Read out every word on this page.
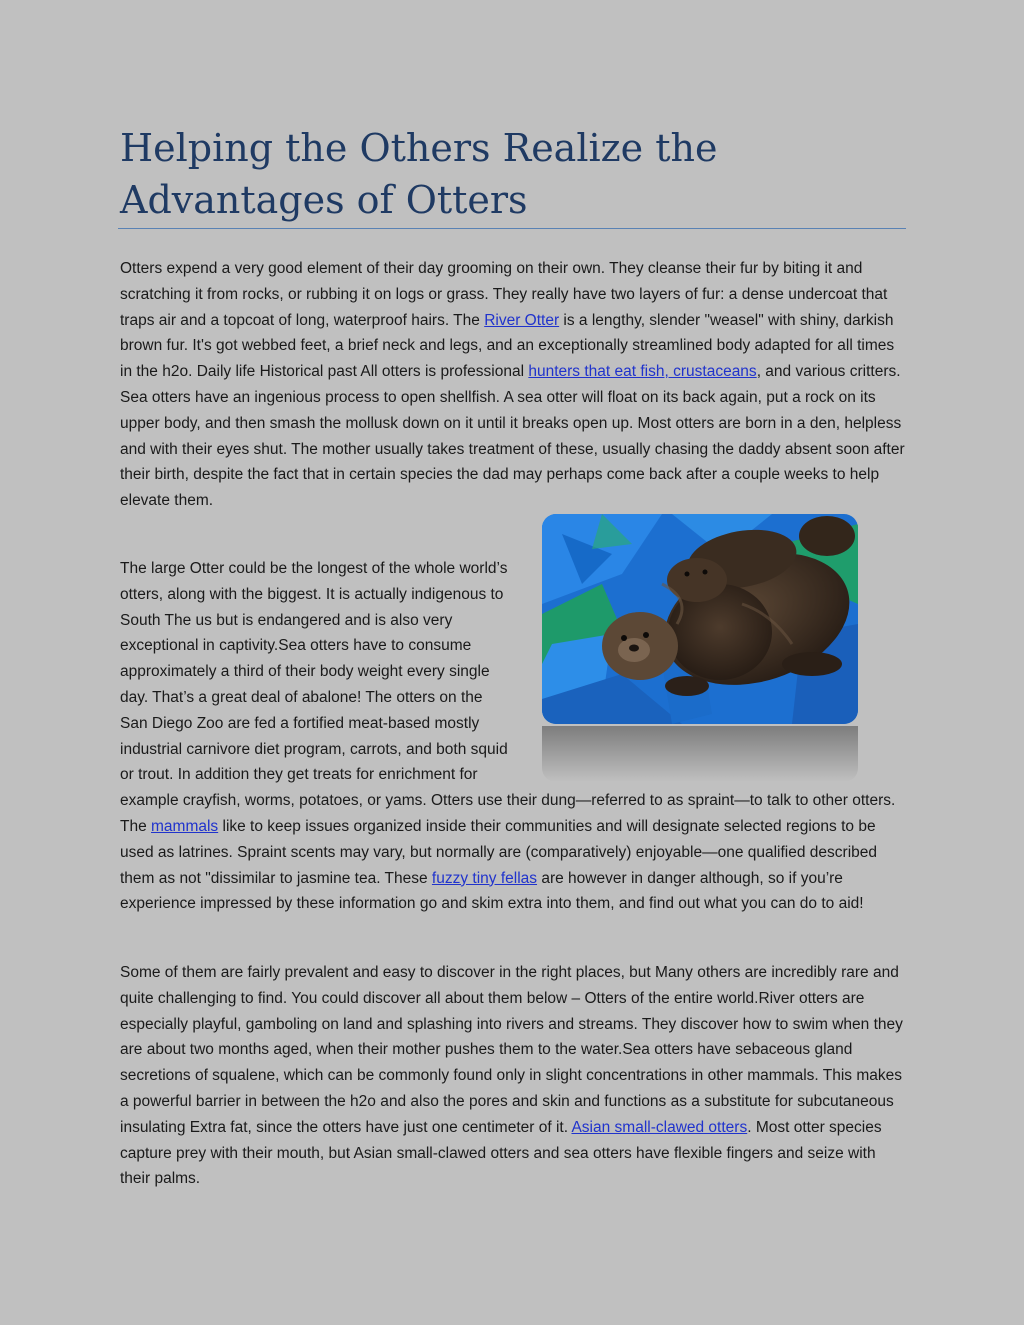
Helping the Others Realize the Advantages of Otters

Otters expend a very good element of their day grooming on their own. They cleanse their fur by biting it and scratching it from rocks, or rubbing it on logs or grass. They really have two layers of fur: a dense undercoat that traps air and a topcoat of long, waterproof hairs. The River Otter is a lengthy, slender "weasel" with shiny, darkish brown fur. It's got webbed feet, a brief neck and legs, and an exceptionally streamlined body adapted for all times in the h2o. Daily life Historical past All otters is professional hunters that eat fish, crustaceans, and various critters. Sea otters have an ingenious process to open shellfish. A sea otter will float on its back again, put a rock on its upper body, and then smash the mollusk down on it until it breaks open up. Most otters are born in a den, helpless and with their eyes shut. The mother usually takes treatment of these, usually chasing the daddy absent soon after their birth, despite the fact that in certain species the dad may perhaps come back after a couple weeks to help elevate them.

The large Otter could be the longest of the whole world’s otters, along with the biggest. It is actually indigenous to South The us but is endangered and is also very exceptional in captivity.Sea otters have to consume approximately a third of their body weight every single day. That’s a great deal of abalone! The otters on the San Diego Zoo are fed a fortified meat-based mostly industrial carnivore diet program, carrots, and both squid or trout. In addition they get treats for enrichment for example crayfish, worms, potatoes, or yams. Otters use their dung—referred to as spraint—to talk to other otters. The mammals like to keep issues organized inside their communities and will designate selected regions to be used as latrines. Spraint scents may vary, but normally are (comparatively) enjoyable—one qualified described them as not "dissimilar to jasmine tea. These fuzzy tiny fellas are however in danger although, so if you’re experience impressed by these information go and skim extra into them, and find out what you can do to aid!

Some of them are fairly prevalent and easy to discover in the right places, but Many others are incredibly rare and quite challenging to find. You could discover all about them below – Otters of the entire world.River otters are especially playful, gamboling on land and splashing into rivers and streams. They discover how to swim when they are about two months aged, when their mother pushes them to the water.Sea otters have sebaceous gland secretions of squalene, which can be commonly found only in slight concentrations in other mammals. This makes a powerful barrier in between the h2o and also the pores and skin and functions as a substitute for subcutaneous insulating Extra fat, since the otters have just one centimeter of it. Asian small-clawed otters. Most otter species capture prey with their mouth, but Asian small-clawed otters and sea otters have flexible fingers and seize with their palms.
